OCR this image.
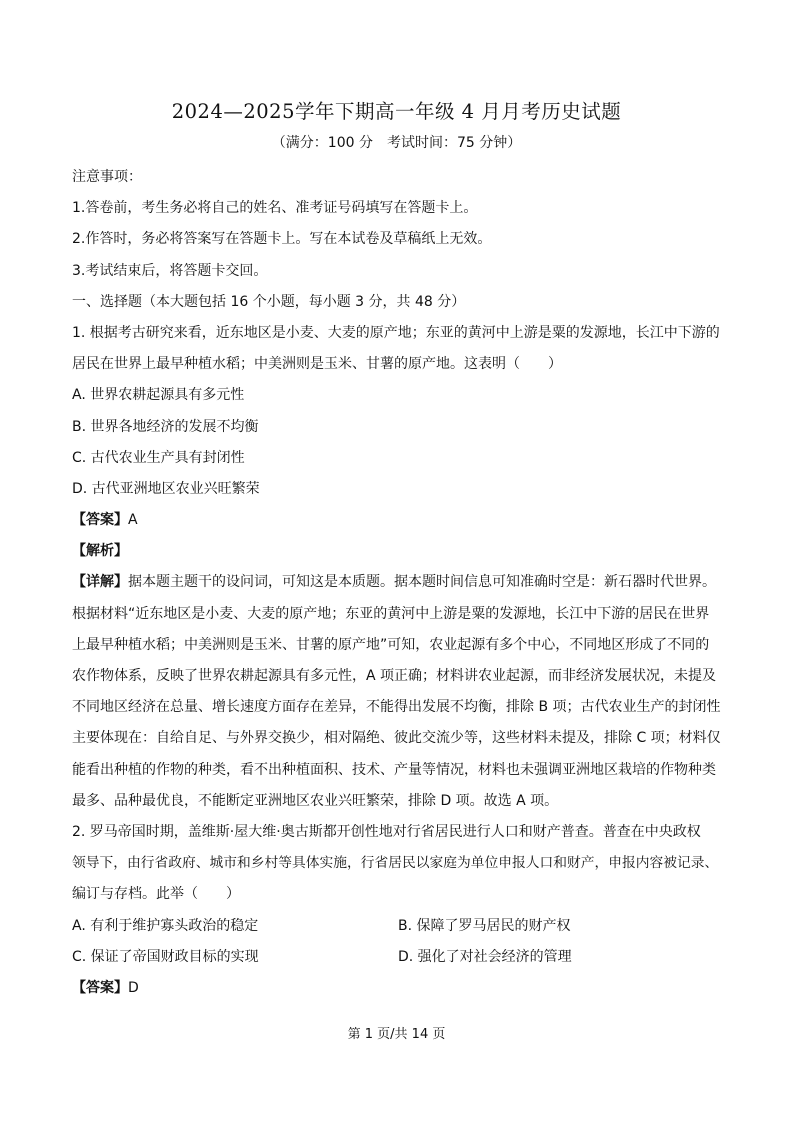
2024—2025学年下期高一年级 4 月月考历史试题
（满分：100 分　考试时间：75 分钟）
注意事项：
1.答卷前，考生务必将自己的姓名、准考证号码填写在答题卡上。
2.作答时，务必将答案写在答题卡上。写在本试卷及草稿纸上无效。
3.考试结束后，将答题卡交回。
一、选择题（本大题包括 16 个小题，每小题 3 分，共 48 分）
1. 根据考古研究来看，近东地区是小麦、大麦的原产地；东亚的黄河中上游是粟的发源地，长江中下游的
居民在世界上最早种植水稻；中美洲则是玉米、甘薯的原产地。这表明（　　）
A. 世界农耕起源具有多元性
B. 世界各地经济的发展不均衡
C. 古代农业生产具有封闭性
D. 古代亚洲地区农业兴旺繁荣
【答案】A
【解析】
【详解】据本题主题干的设问词，可知这是本质题。据本题时间信息可知准确时空是：新石器时代世界。
根据材料“近东地区是小麦、大麦的原产地；东亚的黄河中上游是粟的发源地，长江中下游的居民在世界
上最早种植水稻；中美洲则是玉米、甘薯的原产地”可知，农业起源有多个中心，不同地区形成了不同的
农作物体系，反映了世界农耕起源具有多元性，A 项正确；材料讲农业起源，而非经济发展状况，未提及
不同地区经济在总量、增长速度方面存在差异，不能得出发展不均衡，排除 B 项；古代农业生产的封闭性
主要体现在：自给自足、与外界交换少，相对隔绝、彼此交流少等，这些材料未提及，排除 C 项；材料仅
能看出种植的作物的种类，看不出种植面积、技术、产量等情况，材料也未强调亚洲地区栽培的作物种类
最多、品种最优良，不能断定亚洲地区农业兴旺繁荣，排除 D 项。故选 A 项。
2. 罗马帝国时期，盖维斯·屋大维·奥古斯都开创性地对行省居民进行人口和财产普查。普查在中央政权
领导下，由行省政府、城市和乡村等具体实施，行省居民以家庭为单位申报人口和财产，申报内容被记录、
编订与存档。此举（　　）
A. 有利于维护寡头政治的稳定	B. 保障了罗马居民的财产权
C. 保证了帝国财政目标的实现	D. 强化了对社会经济的管理
【答案】D
第 1 页/共 14 页
